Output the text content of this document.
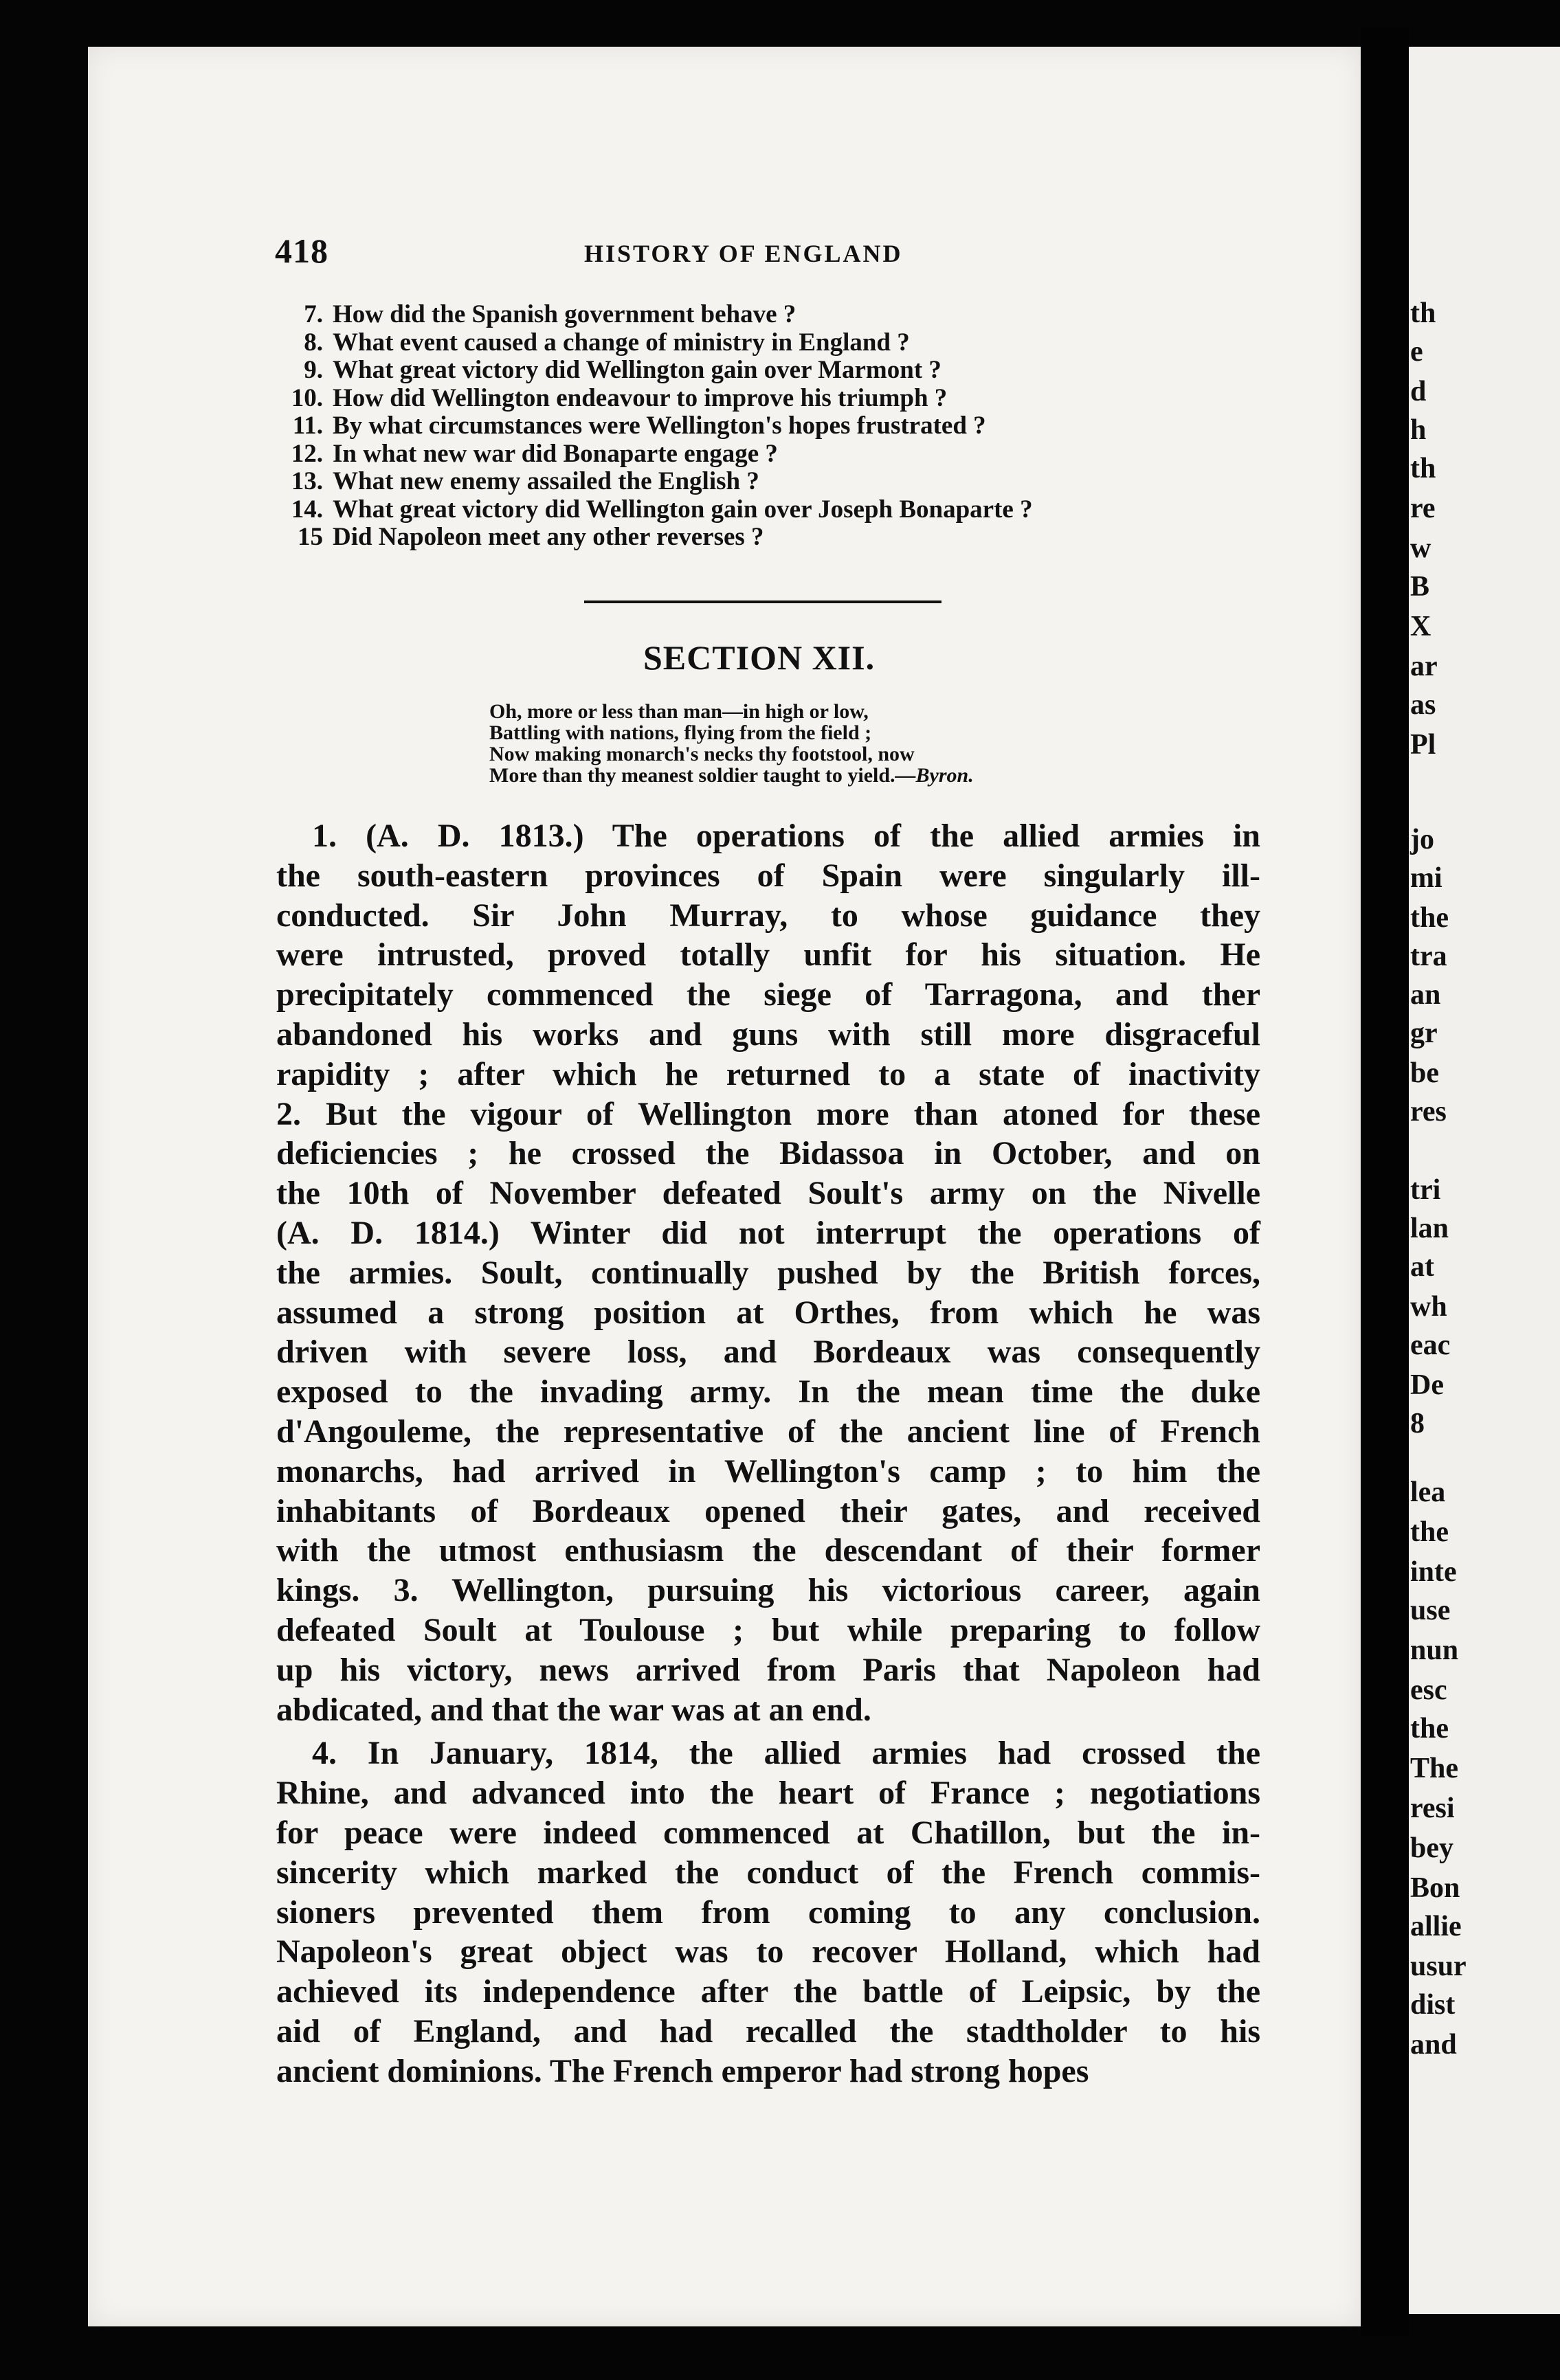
th
e
d
h
th
re
w
B
X
ar
as
Pl
jo
mi
the
tra
an
gr
be
res
tri
lan
at
wh
eac
De
8
lea
the
inte
use
nun
esc
the
The
resi
bey
Bon
allie
usur
dist
and
418	HISTORY OF ENGLAND
7. How did the Spanish government behave ?
8. What event caused a change of ministry in England ?
9. What great victory did Wellington gain over Marmont ?
10. How did Wellington endeavour to improve his triumph ?
11. By what circumstances were Wellington's hopes frustrated ?
12. In what new war did Bonaparte engage ?
13. What new enemy assailed the English ?
14. What great victory did Wellington gain over Joseph Bonaparte ?
15 Did Napoleon meet any other reverses ?
SECTION XII.
Oh, more or less than man—in high or low,
Battling with nations, flying from the field ;
Now making monarch's necks thy footstool, now
More than thy meanest soldier taught to yield.—Byron.
1. (A. D. 1813.) The operations of the allied armies in
the south-eastern provinces of Spain were singularly ill-
conducted. Sir John Murray, to whose guidance they
were intrusted, proved totally unfit for his situation. He
precipitately commenced the siege of Tarragona, and ther
abandoned his works and guns with still more disgraceful
rapidity ; after which he returned to a state of inactivity
2. But the vigour of Wellington more than atoned for these
deficiencies ; he crossed the Bidassoa in October, and on
the 10th of November defeated Soult's army on the Nivelle
(A. D. 1814.) Winter did not interrupt the operations of
the armies. Soult, continually pushed by the British forces,
assumed a strong position at Orthes, from which he was
driven with severe loss, and Bordeaux was consequently
exposed to the invading army. In the mean time the duke
d'Angouleme, the representative of the ancient line of French
monarchs, had arrived in Wellington's camp ; to him the
inhabitants of Bordeaux opened their gates, and received
with the utmost enthusiasm the descendant of their former
kings. 3. Wellington, pursuing his victorious career, again
defeated Soult at Toulouse ; but while preparing to follow
up his victory, news arrived from Paris that Napoleon had
abdicated, and that the war was at an end.
4. In January, 1814, the allied armies had crossed the
Rhine, and advanced into the heart of France ; negotiations
for peace were indeed commenced at Chatillon, but the in-
sincerity which marked the conduct of the French commis-
sioners prevented them from coming to any conclusion.
Napoleon's great object was to recover Holland, which had
achieved its independence after the battle of Leipsic, by the
aid of England, and had recalled the stadtholder to his
ancient dominions. The French emperor had strong hopes
